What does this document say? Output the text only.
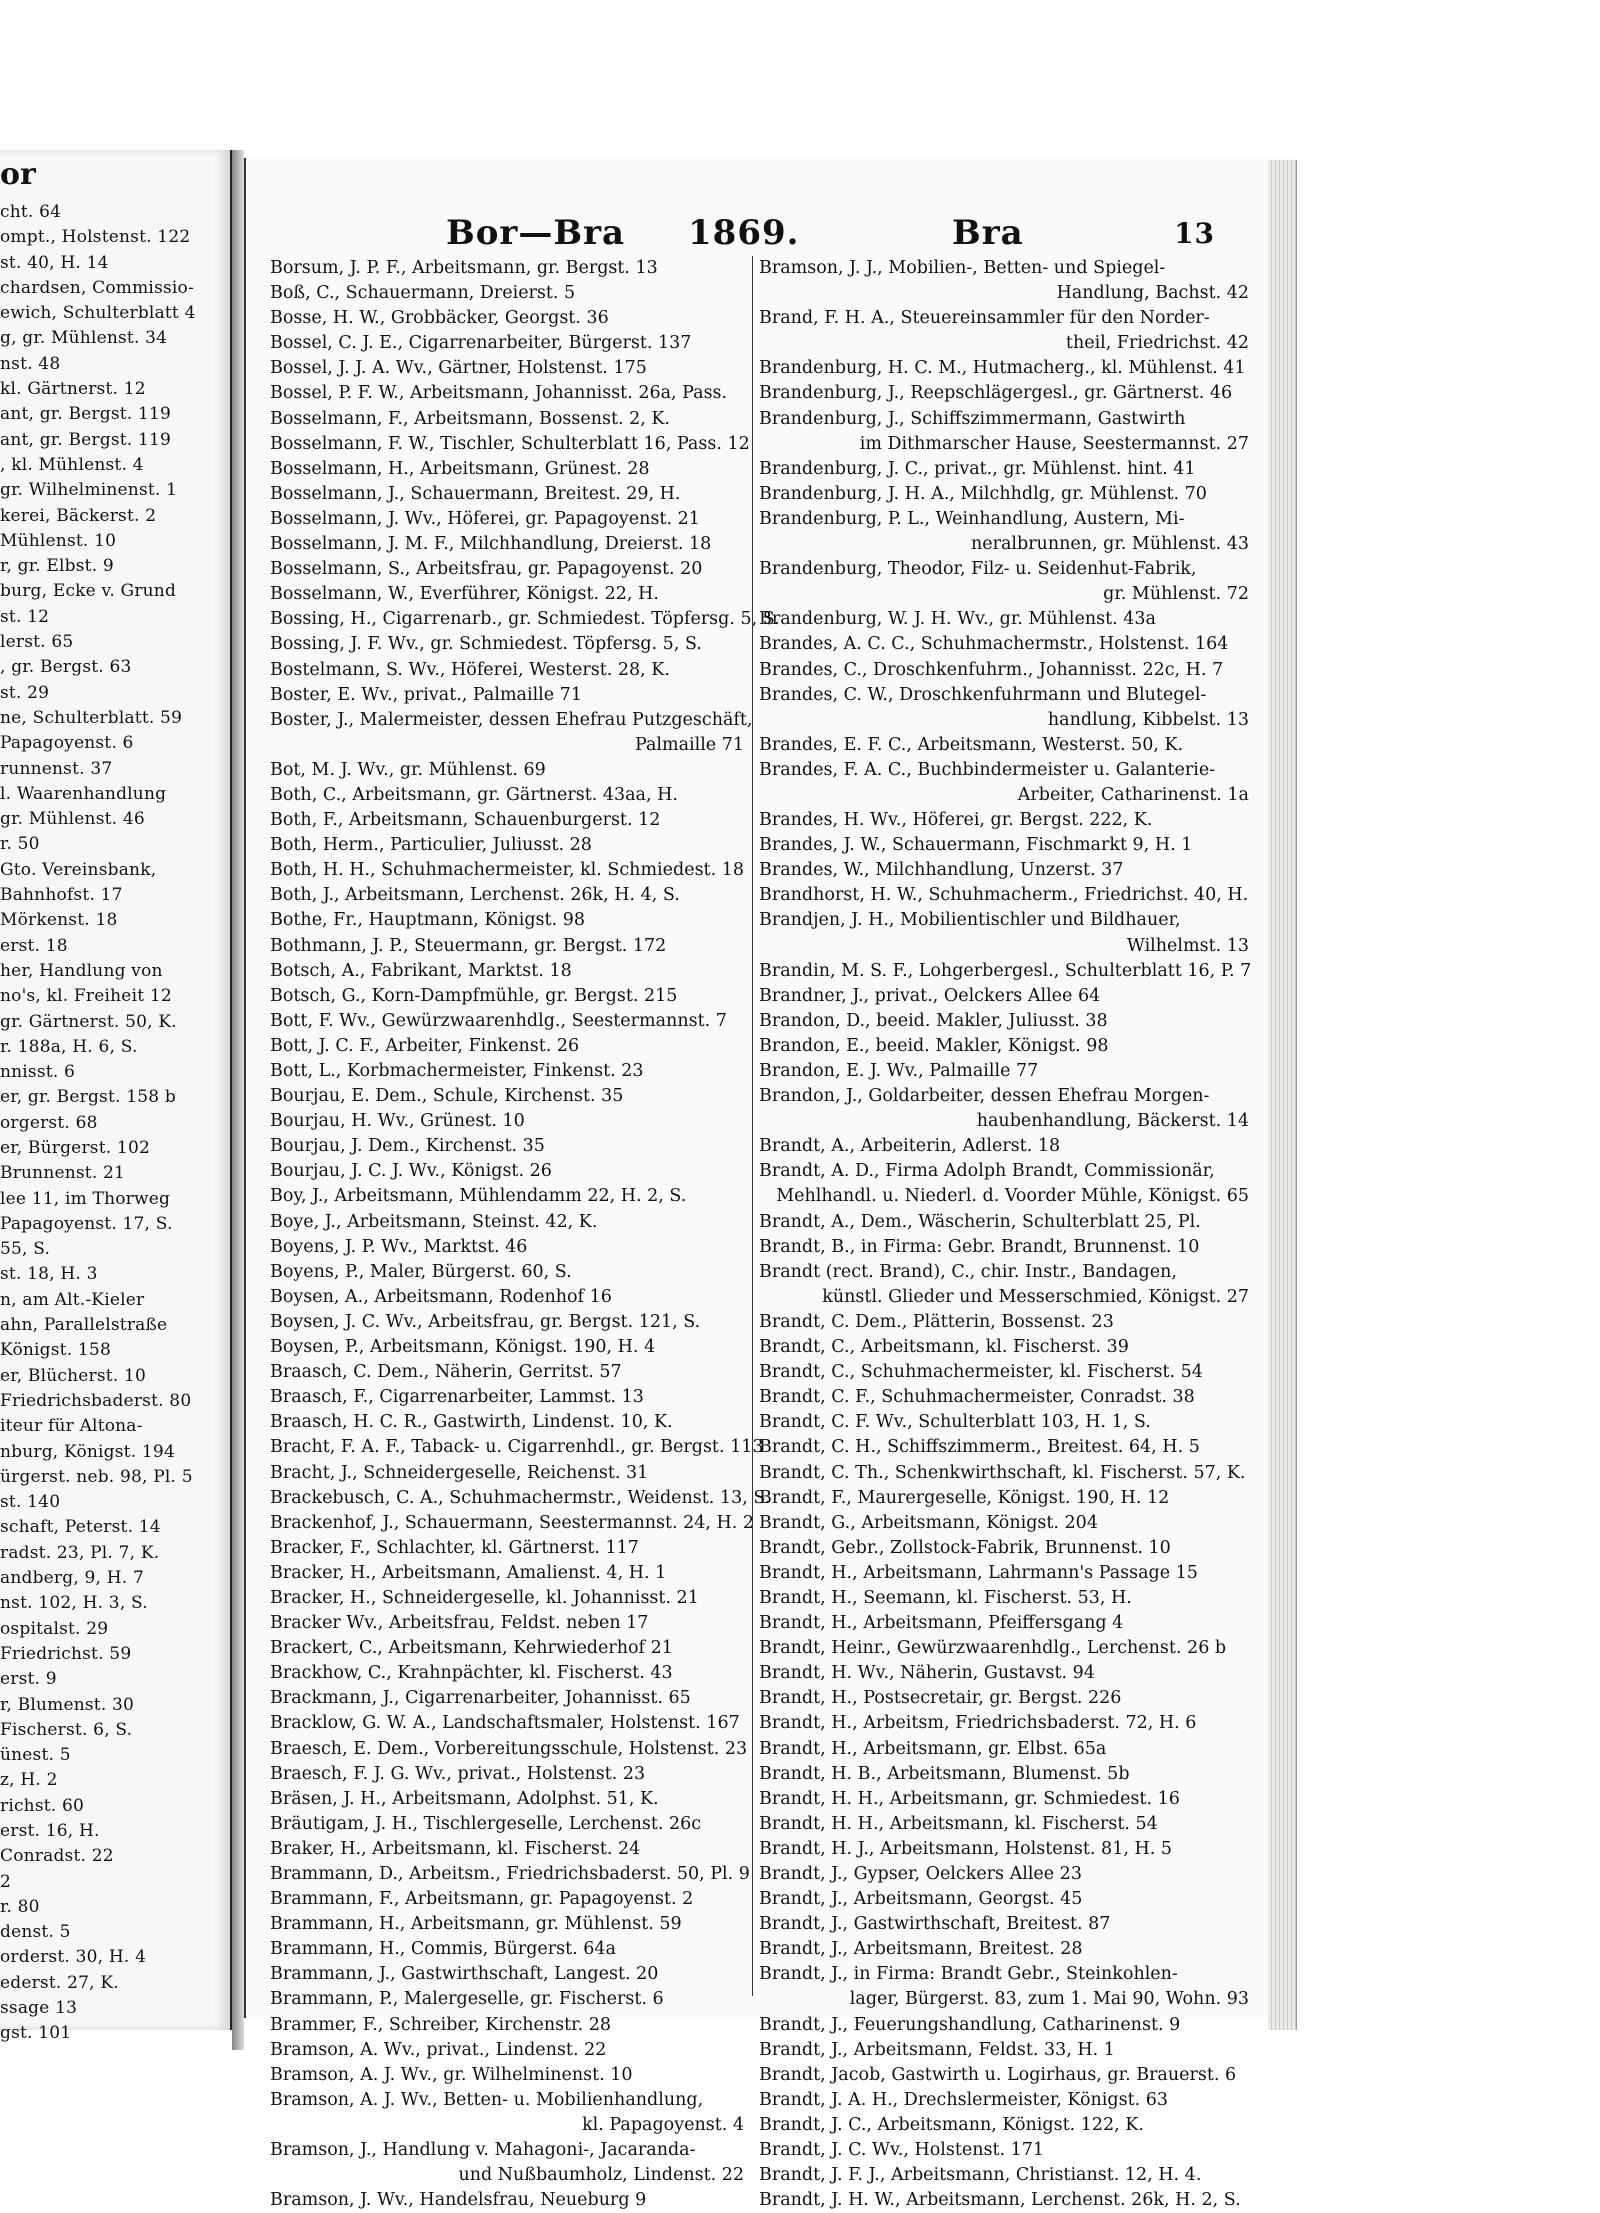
or
cht. 64
ompt., Holstenst. 122
st. 40, H. 14
chardsen, Commissio-
ewich, Schulterblatt 4
g, gr. Mühlenst. 34
nst. 48
kl. Gärtnerst. 12
ant, gr. Bergst. 119
ant, gr. Bergst. 119
, kl. Mühlenst. 4
gr. Wilhelminenst. 1
kerei, Bäckerst. 2
Mühlenst. 10
r, gr. Elbst. 9
burg, Ecke v. Grund
st. 12
lerst. 65
, gr. Bergst. 63
st. 29
ne, Schulterblatt. 59
Papagoyenst. 6
runnenst. 37
l. Waarenhandlung
gr. Mühlenst. 46
r. 50
Gto. Vereinsbank,
Bahnhofst. 17
Mörkenst. 18
erst. 18
her, Handlung von
no's, kl. Freiheit 12
gr. Gärtnerst. 50, K.
r. 188a, H. 6, S.
nnisst. 6
er, gr. Bergst. 158 b
orgerst. 68
er, Bürgerst. 102
Brunnenst. 21
lee 11, im Thorweg
Papagoyenst. 17, S.
55, S.
st. 18, H. 3
n, am Alt.-Kieler
ahn, Parallelstraße
Königst. 158
er, Blücherst. 10
Friedrichsbaderst. 80
iteur für Altona-
nburg, Königst. 194
ürgerst. neb. 98, Pl. 5
st. 140
schaft, Peterst. 14
radst. 23, Pl. 7, K.
andberg, 9, H. 7
nst. 102, H. 3, S.
ospitalst. 29
Friedrichst. 59
erst. 9
r, Blumenst. 30
Fischerst. 6, S.
ünest. 5
z, H. 2
richst. 60
erst. 16, H.
Conradst. 22
2
r. 80
denst. 5
orderst. 30, H. 4
ederst. 27, K.
ssage 13
gst. 101
Bor—Bra 1869.	Bra	13
Borsum, J. P. F., Arbeitsmann, gr. Bergst. 13
Boß, C., Schauermann, Dreierst. 5
Bosse, H. W., Grobbäcker, Georgst. 36
Bossel, C. J. E., Cigarrenarbeiter, Bürgerst. 137
Bossel, J. J. A. Wv., Gärtner, Holstenst. 175
Bossel, P. F. W., Arbeitsmann, Johannisst. 26a, Pass.
Bosselmann, F., Arbeitsmann, Bossenst. 2, K.
Bosselmann, F. W., Tischler, Schulterblatt 16, Pass. 12
Bosselmann, H., Arbeitsmann, Grünest. 28
Bosselmann, J., Schauermann, Breitest. 29, H.
Bosselmann, J. Wv., Höferei, gr. Papagoyenst. 21
Bosselmann, J. M. F., Milchhandlung, Dreierst. 18
Bosselmann, S., Arbeitsfrau, gr. Papagoyenst. 20
Bosselmann, W., Everführer, Königst. 22, H.
Bossing, H., Cigarrenarb., gr. Schmiedest. Töpfersg. 5, S.
Bossing, J. F. Wv., gr. Schmiedest. Töpfersg. 5, S.
Bostelmann, S. Wv., Höferei, Westerst. 28, K.
Boster, E. Wv., privat., Palmaille 71
Boster, J., Malermeister, dessen Ehefrau Putzgeschäft,
Palmaille 71
Bot, M. J. Wv., gr. Mühlenst. 69
Both, C., Arbeitsmann, gr. Gärtnerst. 43aa, H.
Both, F., Arbeitsmann, Schauenburgerst. 12
Both, Herm., Particulier, Juliusst. 28
Both, H. H., Schuhmachermeister, kl. Schmiedest. 18
Both, J., Arbeitsmann, Lerchenst. 26k, H. 4, S.
Bothe, Fr., Hauptmann, Königst. 98
Bothmann, J. P., Steuermann, gr. Bergst. 172
Botsch, A., Fabrikant, Marktst. 18
Botsch, G., Korn-Dampfmühle, gr. Bergst. 215
Bott, F. Wv., Gewürzwaarenhdlg., Seestermannst. 7
Bott, J. C. F., Arbeiter, Finkenst. 26
Bott, L., Korbmachermeister, Finkenst. 23
Bourjau, E. Dem., Schule, Kirchenst. 35
Bourjau, H. Wv., Grünest. 10
Bourjau, J. Dem., Kirchenst. 35
Bourjau, J. C. J. Wv., Königst. 26
Boy, J., Arbeitsmann, Mühlendamm 22, H. 2, S.
Boye, J., Arbeitsmann, Steinst. 42, K.
Boyens, J. P. Wv., Marktst. 46
Boyens, P., Maler, Bürgerst. 60, S.
Boysen, A., Arbeitsmann, Rodenhof 16
Boysen, J. C. Wv., Arbeitsfrau, gr. Bergst. 121, S.
Boysen, P., Arbeitsmann, Königst. 190, H. 4
Braasch, C. Dem., Näherin, Gerritst. 57
Braasch, F., Cigarrenarbeiter, Lammst. 13
Braasch, H. C. R., Gastwirth, Lindenst. 10, K.
Bracht, F. A. F., Taback- u. Cigarrenhdl., gr. Bergst. 113
Bracht, J., Schneidergeselle, Reichenst. 31
Brackebusch, C. A., Schuhmachermstr., Weidenst. 13, S.
Brackenhof, J., Schauermann, Seestermannst. 24, H. 2
Bracker, F., Schlachter, kl. Gärtnerst. 117
Bracker, H., Arbeitsmann, Amalienst. 4, H. 1
Bracker, H., Schneidergeselle, kl. Johannisst. 21
Bracker Wv., Arbeitsfrau, Feldst. neben 17
Brackert, C., Arbeitsmann, Kehrwiederhof 21
Brackhow, C., Krahnpächter, kl. Fischerst. 43
Brackmann, J., Cigarrenarbeiter, Johannisst. 65
Bracklow, G. W. A., Landschaftsmaler, Holstenst. 167
Braesch, E. Dem., Vorbereitungsschule, Holstenst. 23
Braesch, F. J. G. Wv., privat., Holstenst. 23
Bräsen, J. H., Arbeitsmann, Adolphst. 51, K.
Bräutigam, J. H., Tischlergeselle, Lerchenst. 26c
Braker, H., Arbeitsmann, kl. Fischerst. 24
Brammann, D., Arbeitsm., Friedrichsbaderst. 50, Pl. 9
Brammann, F., Arbeitsmann, gr. Papagoyenst. 2
Brammann, H., Arbeitsmann, gr. Mühlenst. 59
Brammann, H., Commis, Bürgerst. 64a
Brammann, J., Gastwirthschaft, Langest. 20
Brammann, P., Malergeselle, gr. Fischerst. 6
Brammer, F., Schreiber, Kirchenstr. 28
Bramson, A. Wv., privat., Lindenst. 22
Bramson, A. J. Wv., gr. Wilhelminenst. 10
Bramson, A. J. Wv., Betten- u. Mobilienhandlung,
kl. Papagoyenst. 4
Bramson, J., Handlung v. Mahagoni-, Jacaranda-
und Nußbaumholz, Lindenst. 22
Bramson, J. Wv., Handelsfrau, Neueburg 9
Bramson, J. J., Mobilien-, Betten- und Spiegel-
Handlung, Bachst. 42
Brand, F. H. A., Steuereinsammler für den Norder-
theil, Friedrichst. 42
Brandenburg, H. C. M., Hutmacherg., kl. Mühlenst. 41
Brandenburg, J., Reepschlägergesl., gr. Gärtnerst. 46
Brandenburg, J., Schiffszimmermann, Gastwirth
im Dithmarscher Hause, Seestermannst. 27
Brandenburg, J. C., privat., gr. Mühlenst. hint. 41
Brandenburg, J. H. A., Milchhdlg, gr. Mühlenst. 70
Brandenburg, P. L., Weinhandlung, Austern, Mi-
neralbrunnen, gr. Mühlenst. 43
Brandenburg, Theodor, Filz- u. Seidenhut-Fabrik,
gr. Mühlenst. 72
Brandenburg, W. J. H. Wv., gr. Mühlenst. 43a
Brandes, A. C. C., Schuhmachermstr., Holstenst. 164
Brandes, C., Droschkenfuhrm., Johannisst. 22c, H. 7
Brandes, C. W., Droschkenfuhrmann und Blutegel-
handlung, Kibbelst. 13
Brandes, E. F. C., Arbeitsmann, Westerst. 50, K.
Brandes, F. A. C., Buchbindermeister u. Galanterie-
Arbeiter, Catharinenst. 1a
Brandes, H. Wv., Höferei, gr. Bergst. 222, K.
Brandes, J. W., Schauermann, Fischmarkt 9, H. 1
Brandes, W., Milchhandlung, Unzerst. 37
Brandhorst, H. W., Schuhmacherm., Friedrichst. 40, H.
Brandjen, J. H., Mobilientischler und Bildhauer,
Wilhelmst. 13
Brandin, M. S. F., Lohgerbergesl., Schulterblatt 16, P. 7
Brandner, J., privat., Oelckers Allee 64
Brandon, D., beeid. Makler, Juliusst. 38
Brandon, E., beeid. Makler, Königst. 98
Brandon, E. J. Wv., Palmaille 77
Brandon, J., Goldarbeiter, dessen Ehefrau Morgen-
haubenhandlung, Bäckerst. 14
Brandt, A., Arbeiterin, Adlerst. 18
Brandt, A. D., Firma Adolph Brandt, Commissionär,
Mehlhandl. u. Niederl. d. Voorder Mühle, Königst. 65
Brandt, A., Dem., Wäscherin, Schulterblatt 25, Pl.
Brandt, B., in Firma: Gebr. Brandt, Brunnenst. 10
Brandt (rect. Brand), C., chir. Instr., Bandagen,
künstl. Glieder und Messerschmied, Königst. 27
Brandt, C. Dem., Plätterin, Bossenst. 23
Brandt, C., Arbeitsmann, kl. Fischerst. 39
Brandt, C., Schuhmachermeister, kl. Fischerst. 54
Brandt, C. F., Schuhmachermeister, Conradst. 38
Brandt, C. F. Wv., Schulterblatt 103, H. 1, S.
Brandt, C. H., Schiffszimmerm., Breitest. 64, H. 5
Brandt, C. Th., Schenkwirthschaft, kl. Fischerst. 57, K.
Brandt, F., Maurergeselle, Königst. 190, H. 12
Brandt, G., Arbeitsmann, Königst. 204
Brandt, Gebr., Zollstock-Fabrik, Brunnenst. 10
Brandt, H., Arbeitsmann, Lahrmann's Passage 15
Brandt, H., Seemann, kl. Fischerst. 53, H.
Brandt, H., Arbeitsmann, Pfeiffersgang 4
Brandt, Heinr., Gewürzwaarenhdlg., Lerchenst. 26 b
Brandt, H. Wv., Näherin, Gustavst. 94
Brandt, H., Postsecretair, gr. Bergst. 226
Brandt, H., Arbeitsm, Friedrichsbaderst. 72, H. 6
Brandt, H., Arbeitsmann, gr. Elbst. 65a
Brandt, H. B., Arbeitsmann, Blumenst. 5b
Brandt, H. H., Arbeitsmann, gr. Schmiedest. 16
Brandt, H. H., Arbeitsmann, kl. Fischerst. 54
Brandt, H. J., Arbeitsmann, Holstenst. 81, H. 5
Brandt, J., Gypser, Oelckers Allee 23
Brandt, J., Arbeitsmann, Georgst. 45
Brandt, J., Gastwirthschaft, Breitest. 87
Brandt, J., Arbeitsmann, Breitest. 28
Brandt, J., in Firma: Brandt Gebr., Steinkohlen-
lager, Bürgerst. 83, zum 1. Mai 90, Wohn. 93
Brandt, J., Feuerungshandlung, Catharinenst. 9
Brandt, J., Arbeitsmann, Feldst. 33, H. 1
Brandt, Jacob, Gastwirth u. Logirhaus, gr. Brauerst. 6
Brandt, J. A. H., Drechslermeister, Königst. 63
Brandt, J. C., Arbeitsmann, Königst. 122, K.
Brandt, J. C. Wv., Holstenst. 171
Brandt, J. F. J., Arbeitsmann, Christianst. 12, H. 4.
Brandt, J. H. W., Arbeitsmann, Lerchenst. 26k, H. 2, S.
